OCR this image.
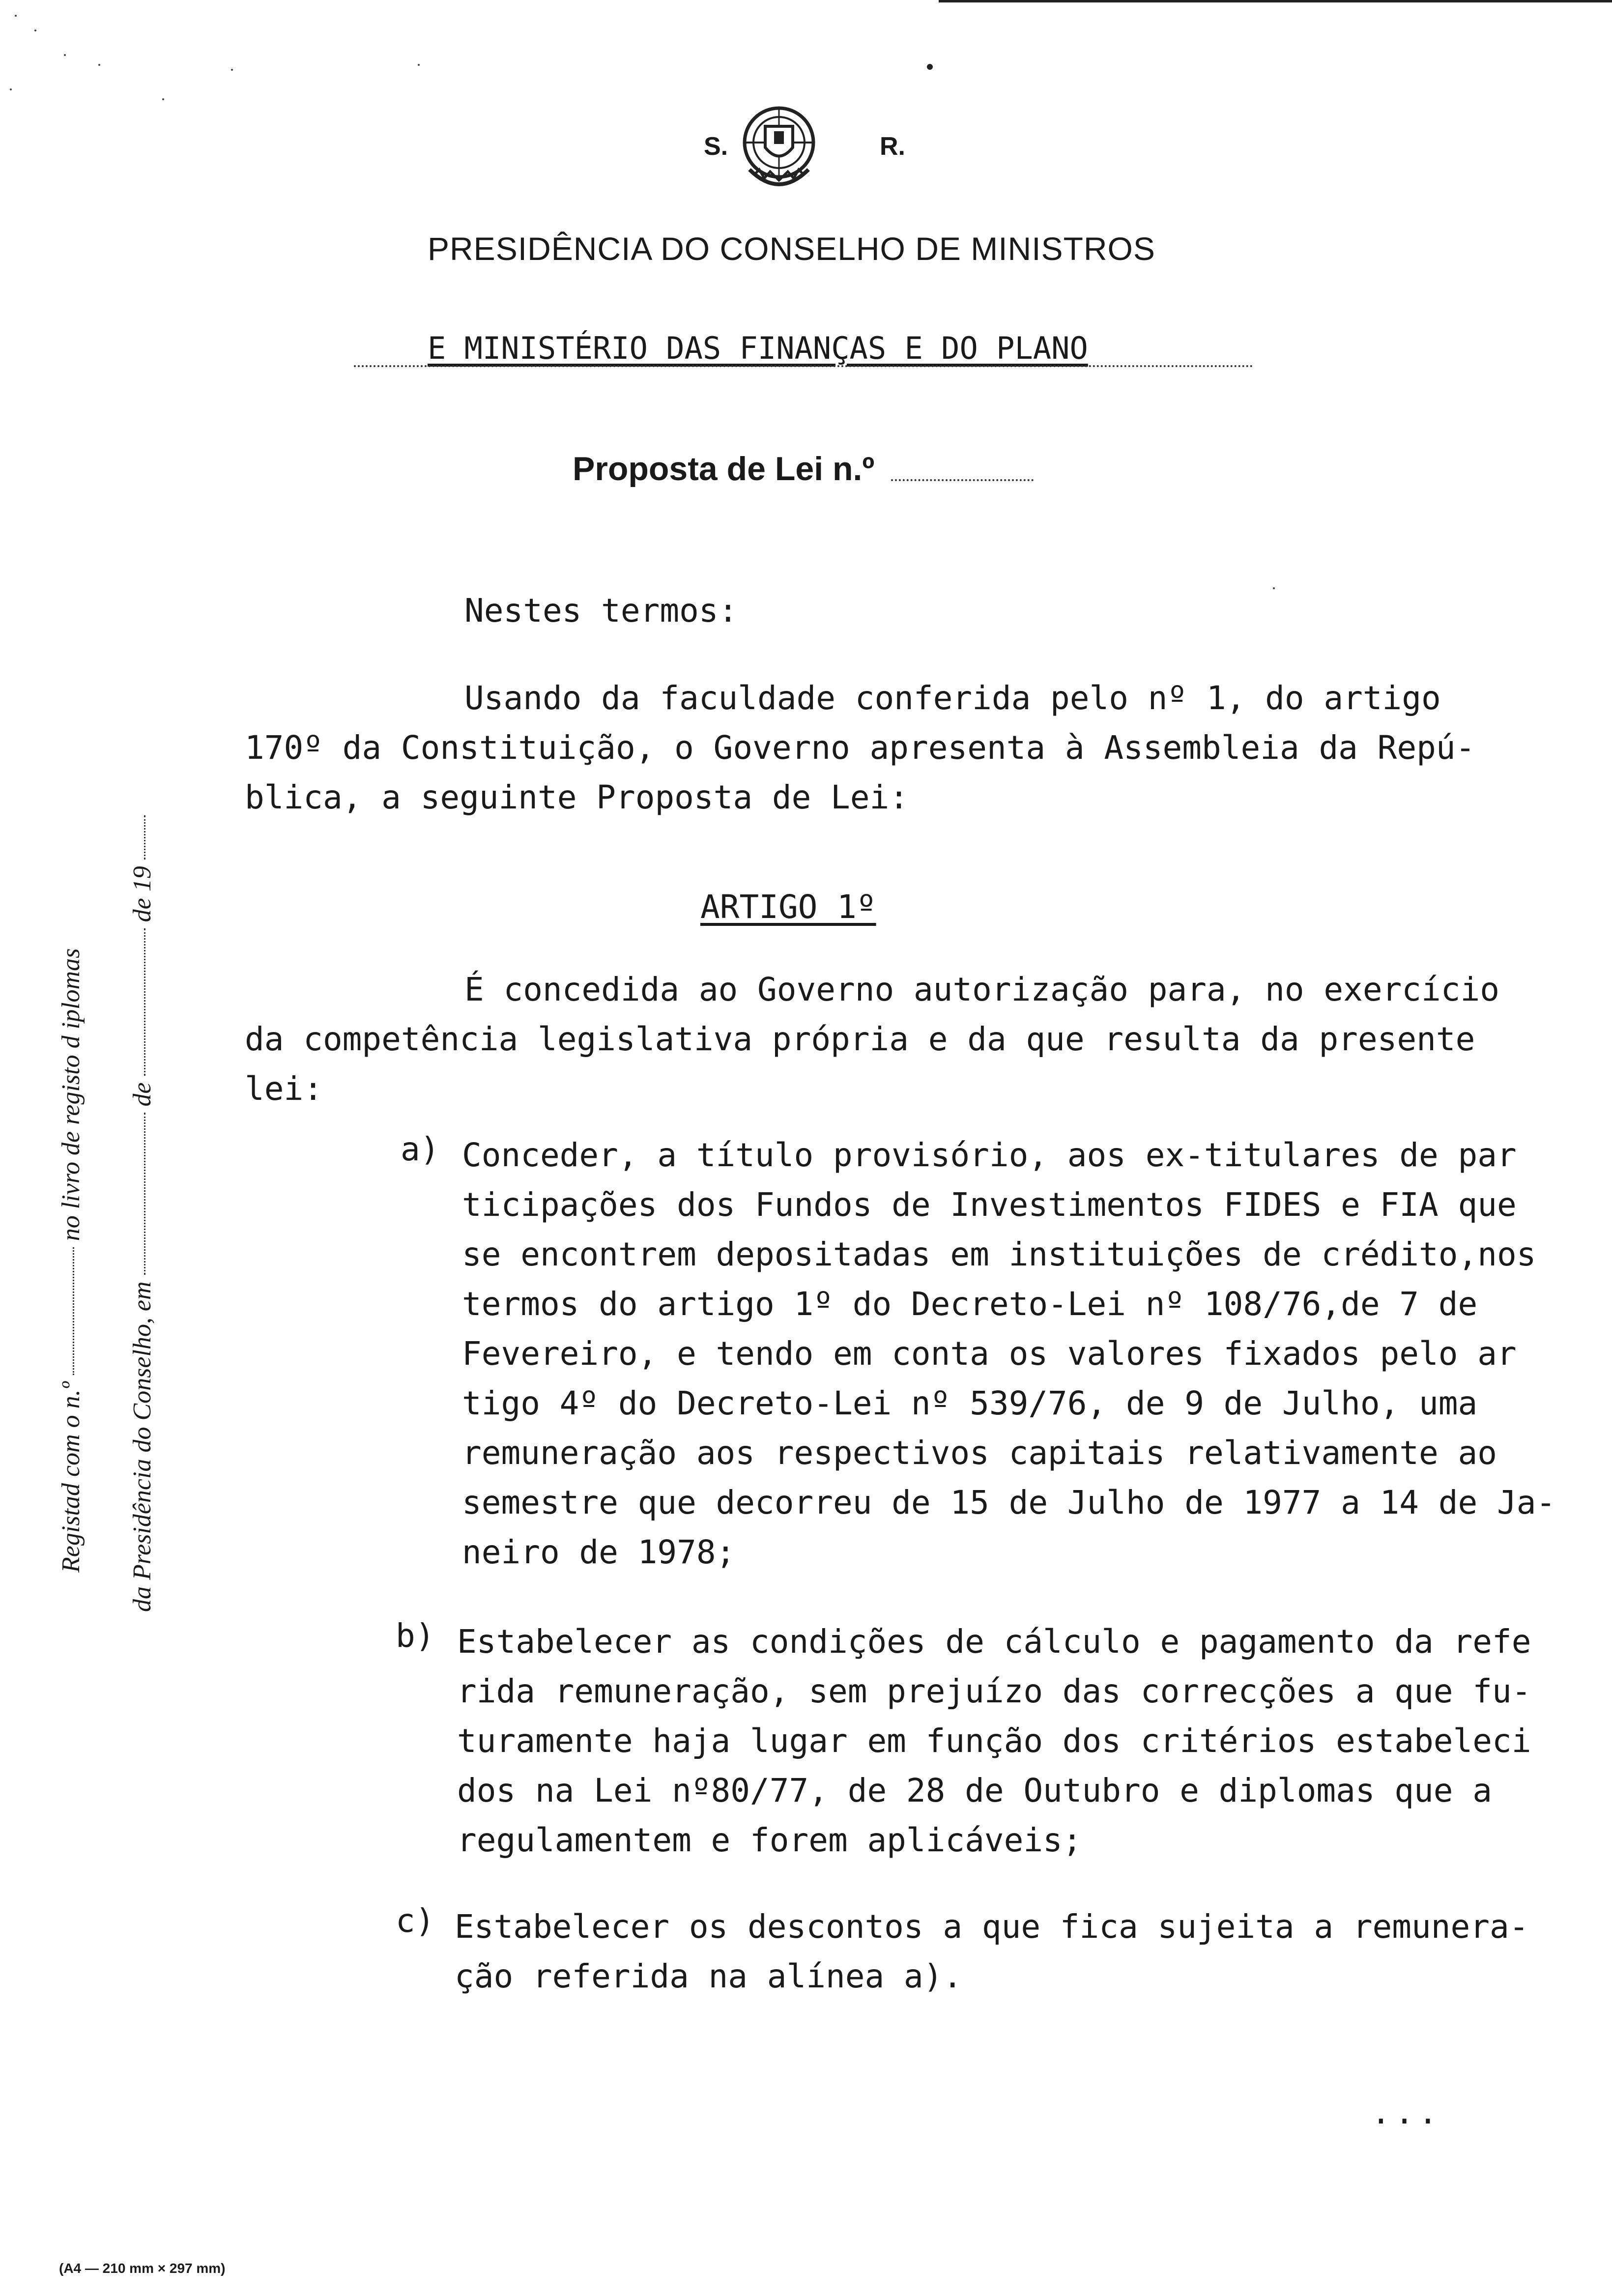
S.	R.
PRESIDÊNCIA DO CONSELHO DE MINISTROS
E MINISTÉRIO DAS FINANÇAS E DO PLANO
Proposta de Lei n.º
Nestes termos:
Usando da faculdade conferida pelo nº 1, do artigo
170º da Constituição, o Governo apresenta à Assembleia da Repú-
blica, a seguinte Proposta de Lei:
ARTIGO 1º
É concedida ao Governo autorização para, no exercício
da competência legislativa própria e da que resulta da presente
lei:
a) Conceder, a título provisório, aos ex-titulares de par
ticipações dos Fundos de Investimentos FIDES e FIA que
se encontrem depositadas em instituições de crédito,nos
termos do artigo 1º do Decreto-Lei nº 108/76,de 7 de
Fevereiro, e tendo em conta os valores fixados pelo ar
tigo 4º do Decreto-Lei nº 539/76, de 9 de Julho, uma
remuneração aos respectivos capitais relativamente ao
semestre que decorreu de 15 de Julho de 1977 a 14 de Ja-
neiro de 1978;
b) Estabelecer as condições de cálculo e pagamento da refe
rida remuneração, sem prejuízo das correcções a que fu-
turamente haja lugar em função dos critérios estabeleci
dos na Lei nº80/77, de 28 de Outubro e diplomas que a
regulamentem e forem aplicáveis;
c) Estabelecer os descontos a que fica sujeita a remunera-
ção referida na alínea a).
...
Registad com o n.º  no livro de registo d iplomas
da Presidência do Conselho, em  de  de 19
(A4 — 210 mm × 297 mm)
